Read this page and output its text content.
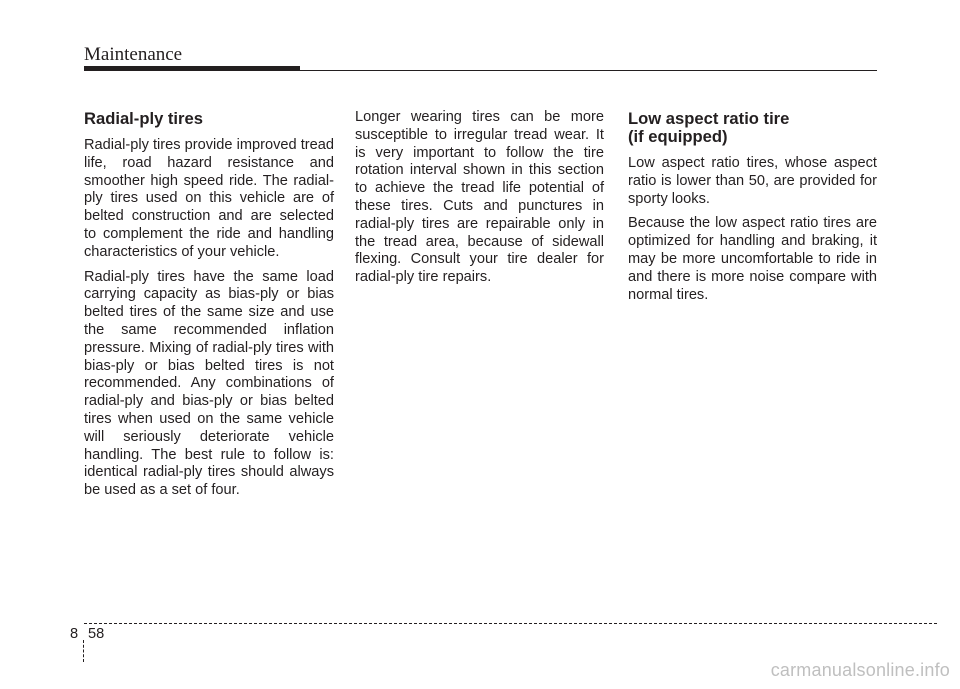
Maintenance
Radial-ply tires

Radial-ply tires provide improved tread life, road hazard resistance and smoother high speed ride. The radial-ply tires used on this vehicle are of belted construction and are selected to complement the ride and handling characteristics of your vehicle.

Radial-ply tires have the same load carrying capacity as bias-ply or bias belted tires of the same size and use the same recommended inflation pressure. Mixing of radial-ply tires with bias-ply or bias belted tires is not recommended. Any combinations of radial-ply and bias-ply or bias belted tires when used on the same vehicle will seriously deteriorate vehicle handling. The best rule to follow is: identical radial-ply tires should always be used as a set of four.

Longer wearing tires can be more susceptible to irregular tread wear. It is very important to follow the tire rotation interval shown in this section to achieve the tread life potential of these tires. Cuts and punctures in radial-ply tires are repairable only in the tread area, because of sidewall flexing. Consult your tire dealer for radial-ply tire repairs.

Low aspect ratio tire
(if equipped)

Low aspect ratio tires, whose aspect ratio is lower than 50, are provided for sporty looks.

Because the low aspect ratio tires are optimized for handling and braking, it may be more uncomfortable to ride in and there is more noise compare with normal tires.

8 58
carmanualsonline.info
